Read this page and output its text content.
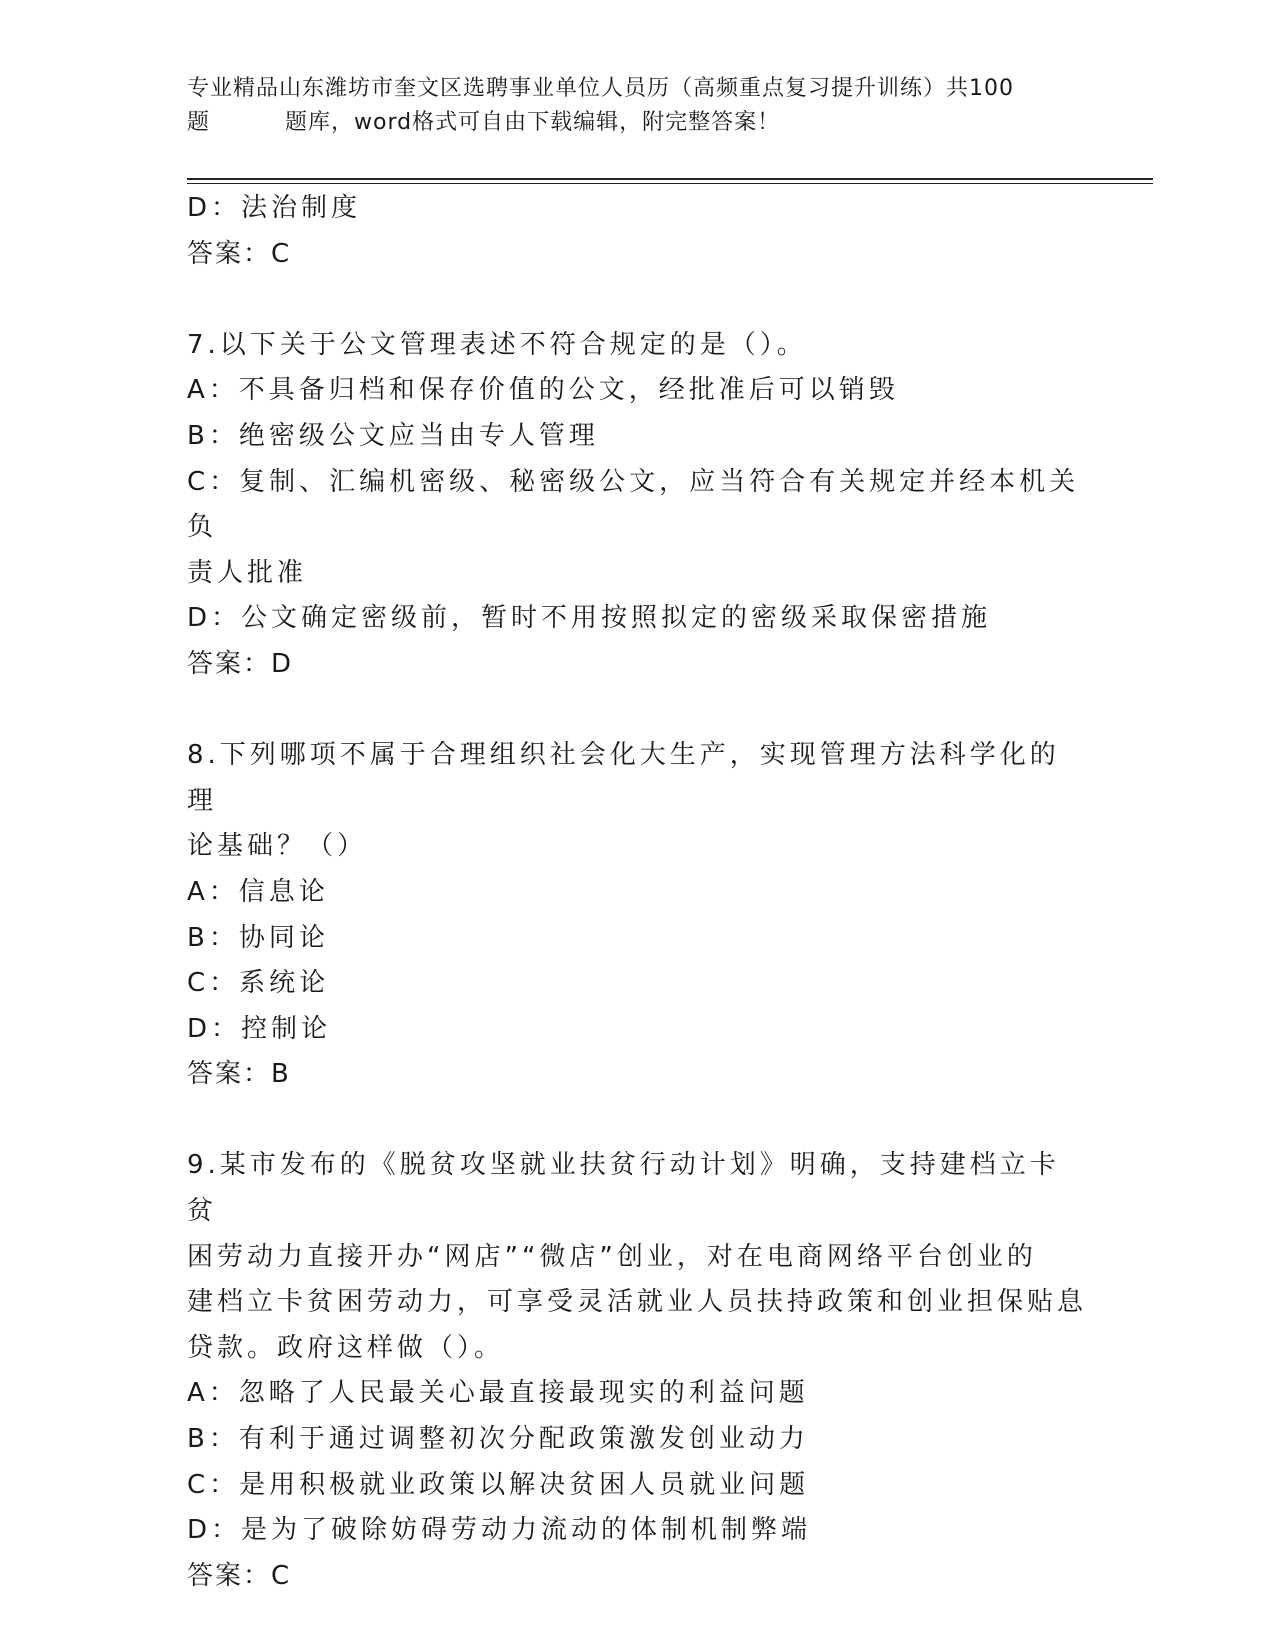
专业精品山东潍坊市奎文区选聘事业单位人员历（高频重点复习提升训练）共100
题	题库，word格式可自由下载编辑，附完整答案！
D：法治制度
答案：C
7.以下关于公文管理表述不符合规定的是（）。
A：不具备归档和保存价值的公文，经批准后可以销毁
B：绝密级公文应当由专人管理
C：复制、汇编机密级、秘密级公文，应当符合有关规定并经本机关负
责人批准
D：公文确定密级前，暂时不用按照拟定的密级采取保密措施
答案：D
8.下列哪项不属于合理组织社会化大生产，实现管理方法科学化的理
论基础？（）
A：信息论
B：协同论
C：系统论
D：控制论
答案：B
9.某市发布的《脱贫攻坚就业扶贫行动计划》明确，支持建档立卡贫
困劳动力直接开办“网店”“微店”创业，对在电商网络平台创业的
建档立卡贫困劳动力，可享受灵活就业人员扶持政策和创业担保贴息
贷款。政府这样做（）。
A：忽略了人民最关心最直接最现实的利益问题
B：有利于通过调整初次分配政策激发创业动力
C：是用积极就业政策以解决贫困人员就业问题
D：是为了破除妨碍劳动力流动的体制机制弊端
答案：C
